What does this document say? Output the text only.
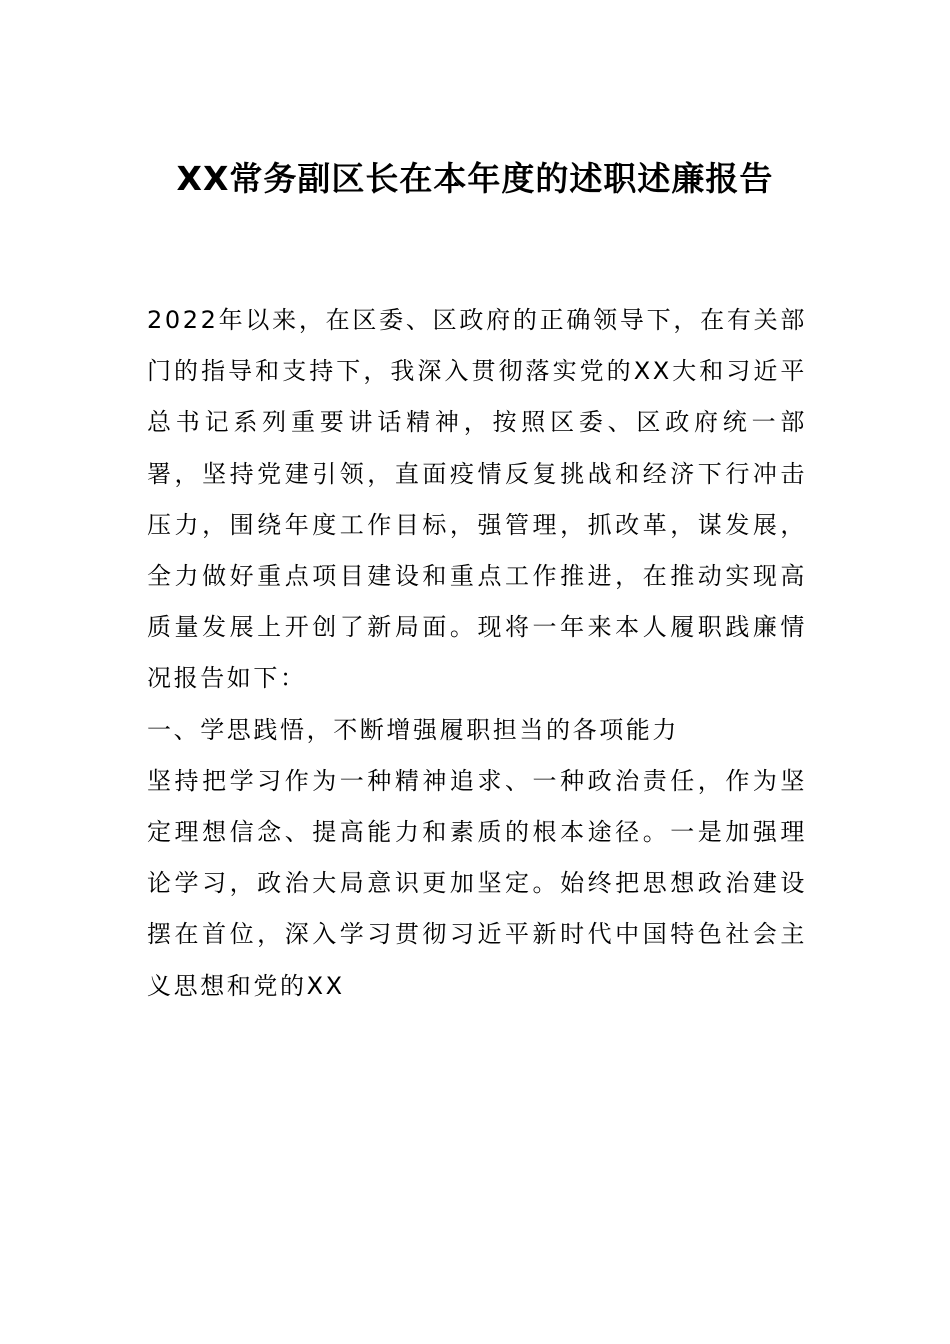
XX常务副区长在本年度的述职述廉报告

2022年以来，在区委、区政府的正确领导下，在有关部门的指导和支持下，我深入贯彻落实党的XX大和习近平总书记系列重要讲话精神，按照区委、区政府统一部署，坚持党建引领，直面疫情反复挑战和经济下行冲击压力，围绕年度工作目标，强管理，抓改革，谋发展，全力做好重点项目建设和重点工作推进，在推动实现高质量发展上开创了新局面。现将一年来本人履职践廉情况报告如下：

一、学思践悟，不断增强履职担当的各项能力

坚持把学习作为一种精神追求、一种政治责任，作为坚定理想信念、提高能力和素质的根本途径。一是加强理论学习，政治大局意识更加坚定。始终把思想政治建设摆在首位，深入学习贯彻习近平新时代中国特色社会主义思想和党的XX
